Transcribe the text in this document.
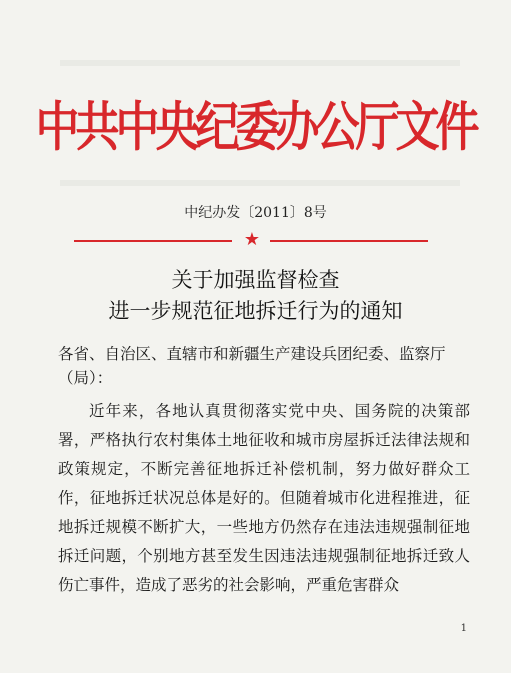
中共中央纪委办公厅文件
中纪办发〔2011〕8号
★
关于加强监督检查
进一步规范征地拆迁行为的通知
各省、自治区、直辖市和新疆生产建设兵团纪委、监察厅（局）：
近年来，各地认真贯彻落实党中央、国务院的决策部署，严格执行农村集体土地征收和城市房屋拆迁法律法规和政策规定，不断完善征地拆迁补偿机制，努力做好群众工作，征地拆迁状况总体是好的。但随着城市化进程推进，征地拆迁规模不断扩大，一些地方仍然存在违法违规强制征地拆迁问题，个别地方甚至发生因违法违规强制征地拆迁致人伤亡事件，造成了恶劣的社会影响，严重危害群众
1
